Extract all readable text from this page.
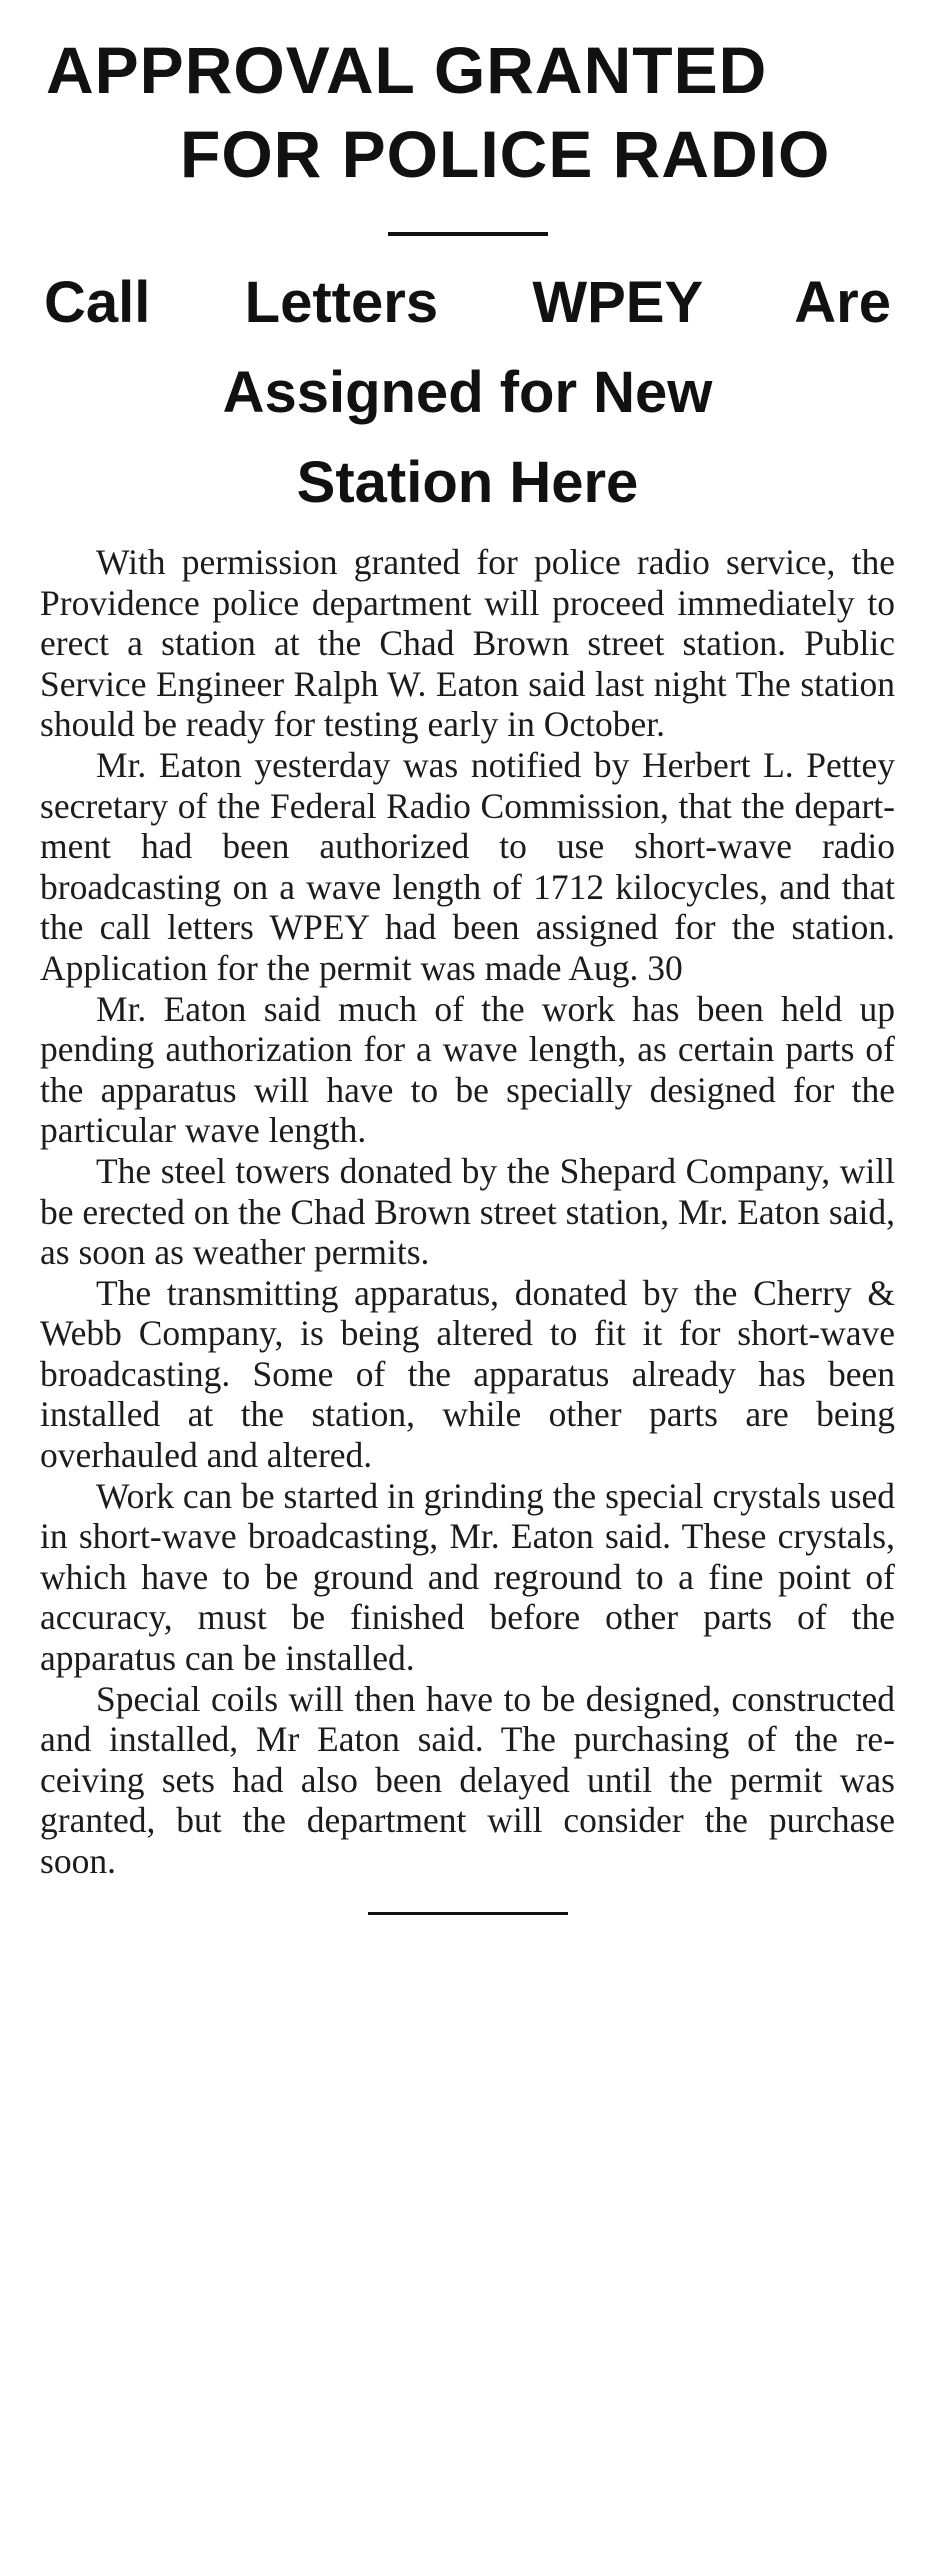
APPROVAL GRANTED
FOR POLICE RADIO
Call Letters WPEY Are
Assigned for New
Station Here

With permission granted for police radio service, the Providence police department will proceed immediately to erect a station at the Chad Brown street station. Public Service Engineer Ralph W. Eaton said last night The station should be ready for testing early in October.

Mr. Eaton yesterday was notified by Herbert L. Pettey secretary of the Federal Radio Commission, that the department had been authorized to use short-wave radio broadcasting on a wave length of 1712 kilocycles, and that the call letters WPEY had been assigned for the station. Application for the permit was made Aug. 30

Mr. Eaton said much of the work has been held up pending authorization for a wave length, as certain parts of the apparatus will have to be specially designed for the particular wave length.

The steel towers donated by the Shepard Company, will be erected on the Chad Brown street station, Mr. Eaton said, as soon as weather permits.

The transmitting apparatus, donated by the Cherry & Webb Company, is being altered to fit it for short-wave broadcasting. Some of the apparatus already has been installed at the station, while other parts are being overhauled and altered.

Work can be started in grinding the special crystals used in short-wave broadcasting, Mr. Eaton said. These crystals, which have to be ground and reground to a fine point of accuracy, must be finished before other parts of the apparatus can be installed.

Special coils will then have to be designed, constructed and installed, Mr Eaton said. The purchasing of the receiving sets had also been delayed until the permit was granted, but the department will consider the purchase soon.
